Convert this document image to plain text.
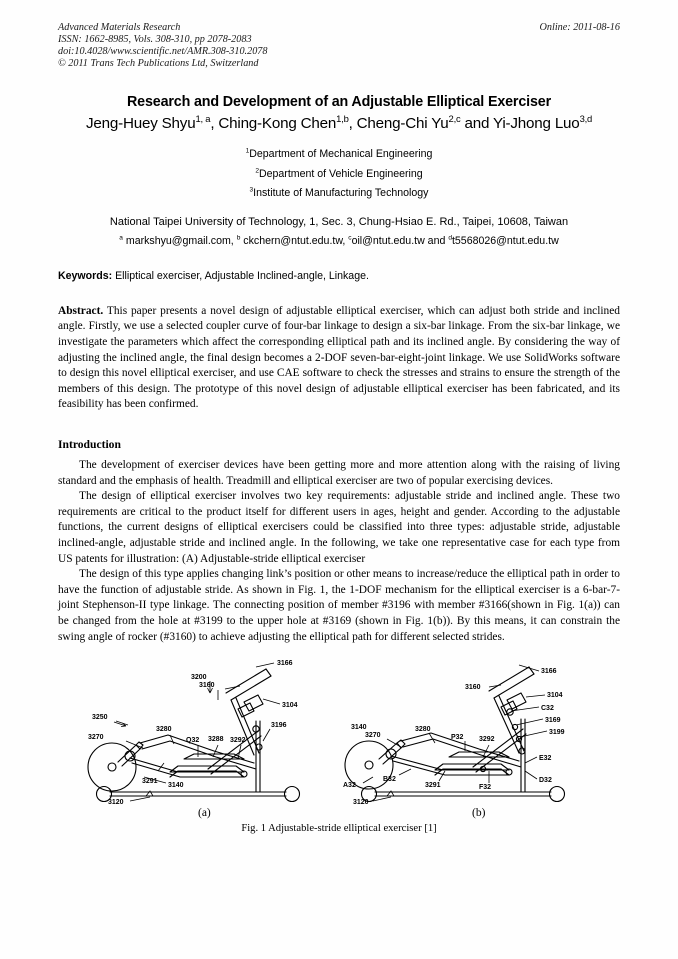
Advanced Materials Research
ISSN: 1662-8985, Vols. 308-310, pp 2078-2083
doi:10.4028/www.scientific.net/AMR.308-310.2078
© 2011 Trans Tech Publications Ltd, Switzerland
Online: 2011-08-16
Research and Development of an Adjustable Elliptical Exerciser
Jeng-Huey Shyu$^{1, a}$, Ching-Kong Chen$^{1,b}$, Cheng-Chi Yu$^{2,c}$ and Yi-Jhong Luo$^{3,d}$
$^1$Department of Mechanical Engineering
$^2$Department of Vehicle Engineering
$^3$Institute of Manufacturing Technology
National Taipei University of Technology, 1, Sec. 3, Chung-Hsiao E. Rd., Taipei, 10608, Taiwan
$^a$ markshyu@gmail.com, $^b$ ckchern@ntut.edu.tw, $^c$oil@ntut.edu.tw and $^d$t5568026@ntut.edu.tw
Keywords: Elliptical exerciser, Adjustable Inclined-angle, Linkage.
Abstract. This paper presents a novel design of adjustable elliptical exerciser, which can adjust both stride and inclined angle. Firstly, we use a selected coupler curve of four-bar linkage to design a six-bar linkage. From the six-bar linkage, we investigate the parameters which affect the corresponding elliptical path and its inclined angle. By considering the way of adjusting the inclined angle, the final design becomes a 2-DOF seven-bar-eight-joint linkage. We use SolidWorks software to design this novel elliptical exerciser, and use CAE software to check the stresses and strains to ensure the strength of the members of this design. The prototype of this novel design of adjustable elliptical exerciser has been fabricated, and its feasibility has been confirmed.
Introduction

The development of exerciser devices have been getting more and more attention along with the raising of living standard and the emphasis of health. Treadmill and elliptical exerciser are two of popular exercising devices.

The design of elliptical exerciser involves two key requirements: adjustable stride and inclined angle. These two requirements are critical to the product itself for different users in ages, height and gender. According to the adjustable functions, the current designs of elliptical exercisers could be classified into three types: adjustable stride, adjustable inclined-angle, adjustable stride and inclined angle. In the following, we take one representative case for each type from US patents for illustration: (A) Adjustable-stride elliptical exerciser

The design of this type applies changing link’s position or other means to increase/reduce the elliptical path in order to have the function of adjustable stride. As shown in Fig. 1, the 1-DOF mechanism for the elliptical exerciser is a 6-bar-7-joint Stephenson-II type linkage. The connecting position of member #3196 with member #3166(shown in Fig. 1(a)) can be changed from the hole at #3199 to the upper hole at #3169 (shown in Fig. 1(b)). By this means, it can constrain the swing angle of rocker (#3160) to achieve adjusting the elliptical path for different selected strides.

3166
3160
3104
3200
3250
3270
3280
Q32 3288 3292
3196
3291
3140
3120
3166
3160
3104
C32
3169
3199
3270
3280
P32 3292
3140
A32
B32
3291	F32
E32
D32
3120
(a)	(b)
Fig. 1 Adjustable-stride elliptical exerciser [1]
